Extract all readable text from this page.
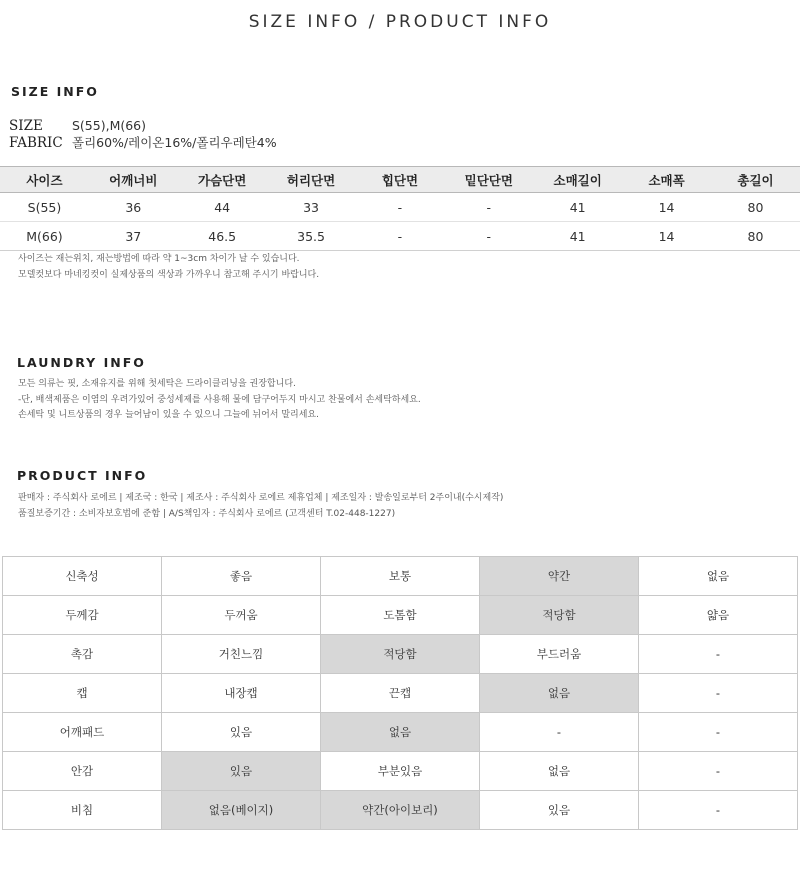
SIZE INFO / PRODUCT INFO
SIZE INFO
SIZE S(55),M(66)
FABRIC 폴리60%/레이온16%/폴리우레탄4%
사이즈	어깨너비	가슴단면	허리단면	힙단면	밑단단면	소매길이	소매폭	총길이
S(55)	36	44	33	-	-	41	14	80
M(66)	37	46.5	35.5	-	-	41	14	80
사이즈는 재는위치, 재는방법에 따라 약 1~3cm 차이가 날 수 있습니다.
모델컷보다 마네킹컷이 실제상품의 색상과 가까우니 참고해 주시기 바랍니다.
LAUNDRY INFO
모든 의류는 핏, 소재유지를 위해 첫세탁은 드라이클리닝을 권장합니다.
-단, 배색제품은 이염의 우려가있어 중성세제를 사용해 물에 담구어두지 마시고 찬물에서 손세탁하세요.
손세탁 및 니트상품의 경우 늘어남이 있을 수 있으니 그늘에 뉘어서 말리세요.
PRODUCT INFO
판매자 : 주식회사 로에르 | 제조국 : 한국 | 제조사 : 주식회사 로에르 제휴업체 | 제조일자 : 발송일로부터 2주이내(수시제작)
품질보증기간 : 소비자보호법에 준함 | A/S책임자 : 주식회사 로에르 (고객센터 T.02-448-1227)
신축성	좋음	보통	약간	없음
두께감	두꺼움	도톰함	적당함	얇음
촉감	거친느낌	적당함	부드러움	-
캡	내장캡	끈캡	없음	-
어깨패드	있음	없음	-	-
안감	있음	부분있음	없음	-
비침	없음(베이지)	약간(아이보리)	있음	-
